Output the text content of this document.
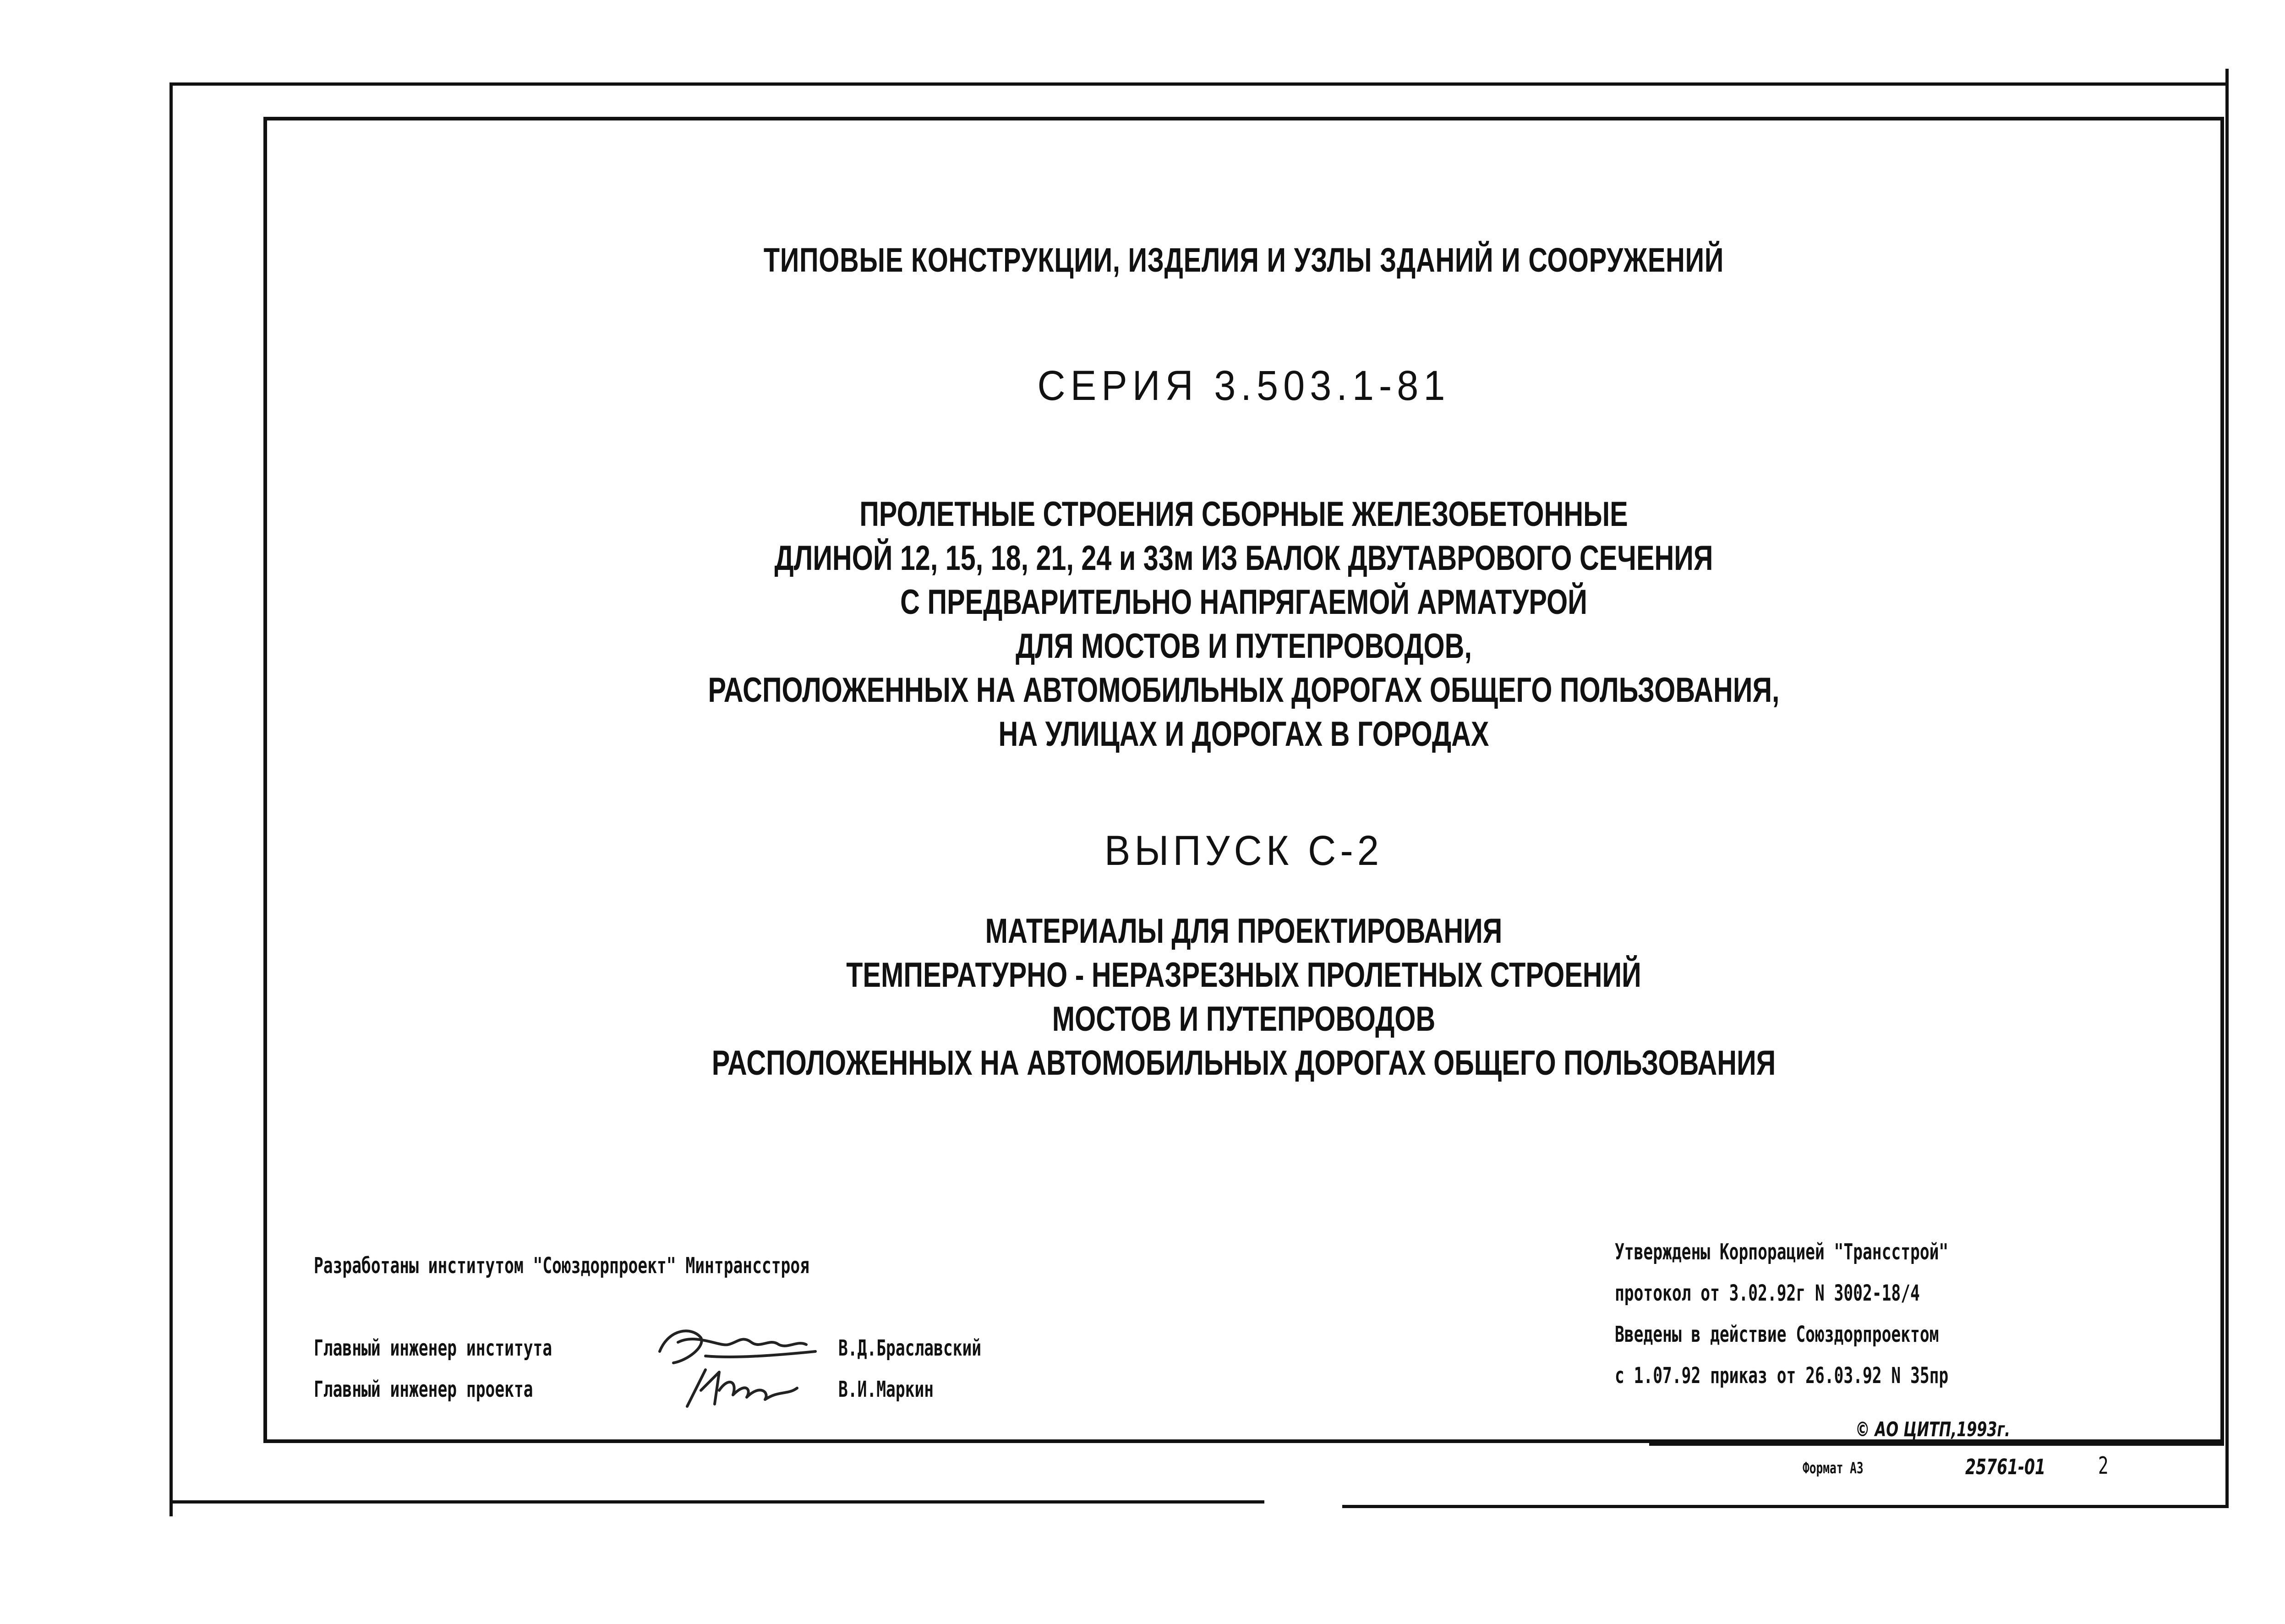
ТИПОВЫЕ КОНСТРУКЦИИ, ИЗДЕЛИЯ И УЗЛЫ ЗДАНИЙ И СООРУЖЕНИЙ
СЕРИЯ 3.503.1-81
ПРОЛЕТНЫЕ СТРОЕНИЯ СБОРНЫЕ ЖЕЛЕЗОБЕТОННЫЕ
ДЛИНОЙ 12, 15, 18, 21, 24 и 33м ИЗ БАЛОК ДВУТАВРОВОГО СЕЧЕНИЯ
С ПРЕДВАРИТЕЛЬНО НАПРЯГАЕМОЙ АРМАТУРОЙ
ДЛЯ МОСТОВ И ПУТЕПРОВОДОВ,
РАСПОЛОЖЕННЫХ НА АВТОМОБИЛЬНЫХ ДОРОГАХ ОБЩЕГО ПОЛЬЗОВАНИЯ,
НА УЛИЦАХ И ДОРОГАХ В ГОРОДАХ
ВЫПУСК С-2
МАТЕРИАЛЫ ДЛЯ ПРОЕКТИРОВАНИЯ
ТЕМПЕРАТУРНО - НЕРАЗРЕЗНЫХ ПРОЛЕТНЫХ СТРОЕНИЙ
МОСТОВ И ПУТЕПРОВОДОВ
РАСПОЛОЖЕННЫХ НА АВТОМОБИЛЬНЫХ ДОРОГАХ ОБЩЕГО ПОЛЬЗОВАНИЯ
Разработаны институтом "Союздорпроект" Минтрансстроя
Главный инженер института
Главный инженер проекта
В.Д.Браславский
В.И.Маркин
Утверждены Корпорацией "Трансстрой"
протокол от 3.02.92г N 3002-18/4
Введены в действие Союздорпроектом
с 1.07.92 приказ от 26.03.92 N 35пр
© АО ЦИТП,1993г.
Формат А3	25761-01 2
